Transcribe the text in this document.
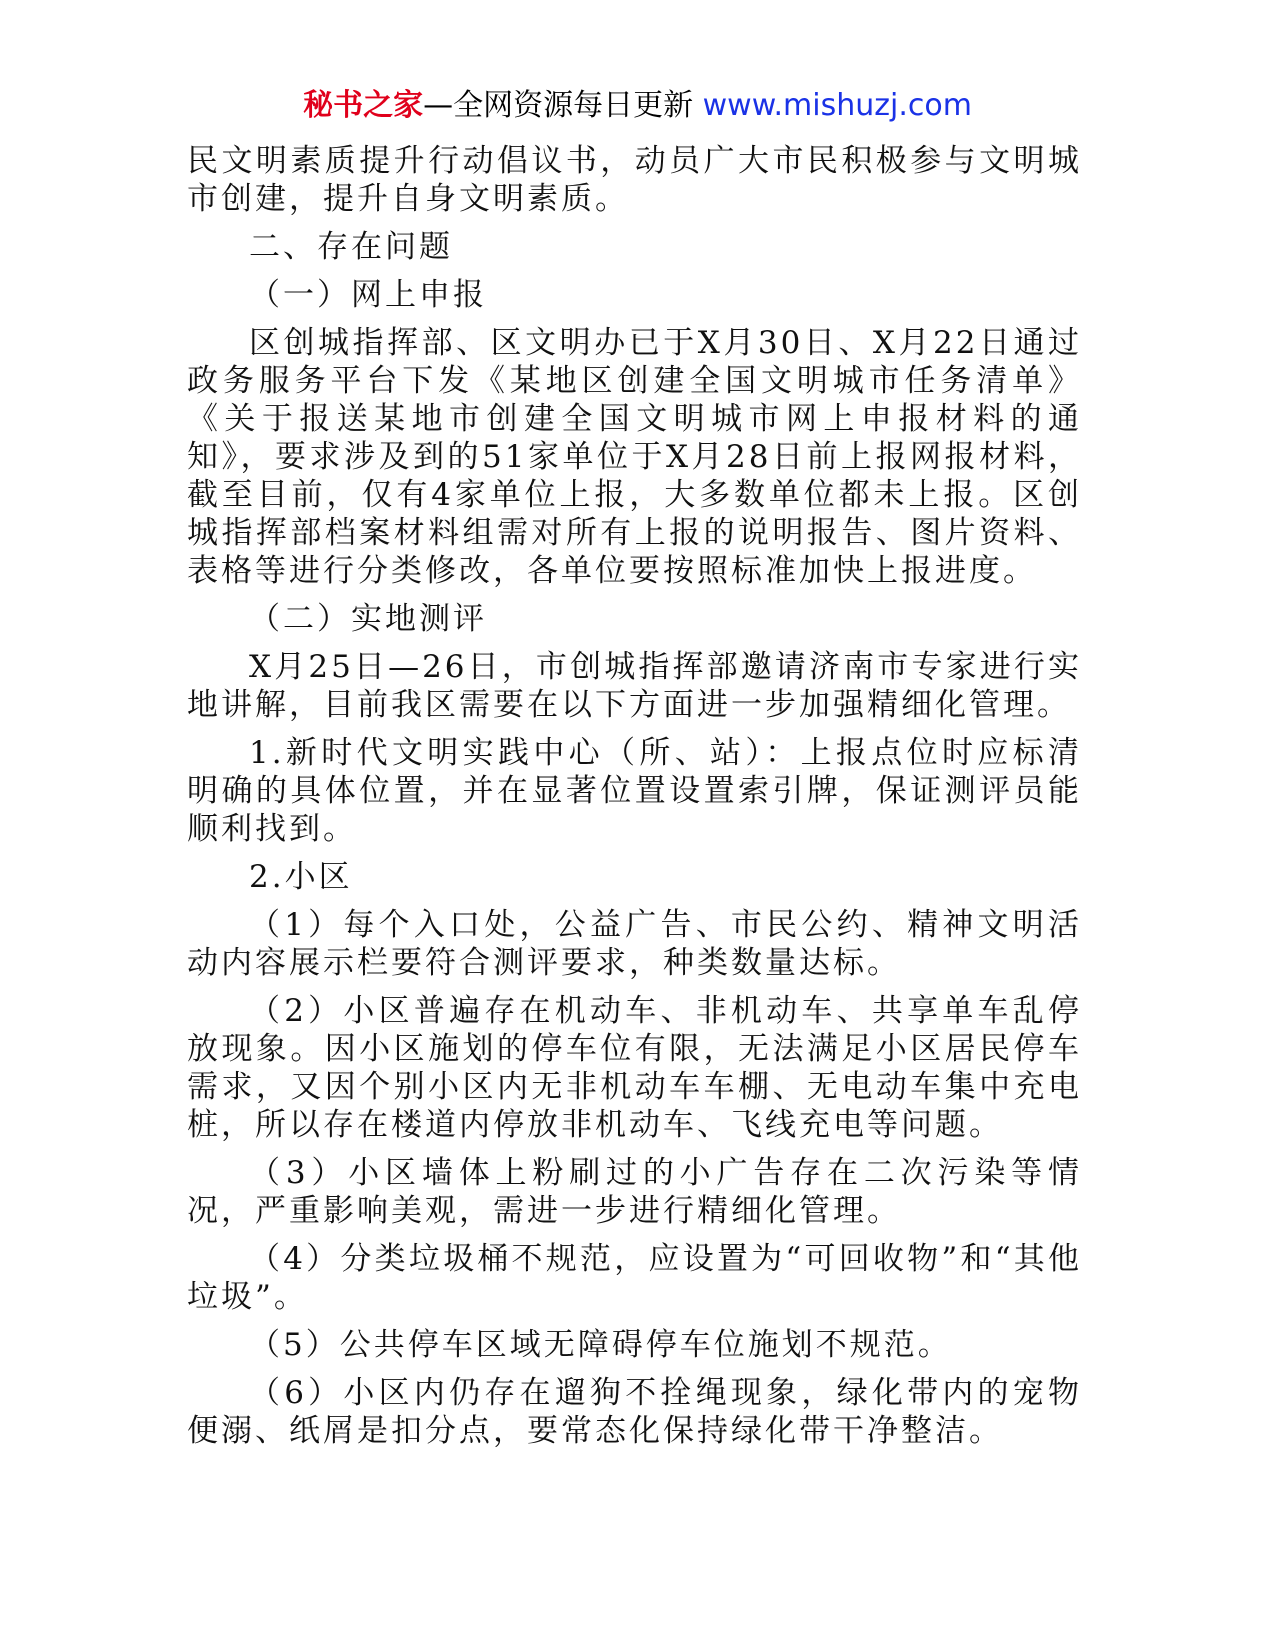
秘书之家—全网资源每日更新 www.mishuzj.com

民文明素质提升行动倡议书，动员广大市民积极参与文明城市创建，提升自身文明素质。

二、存在问题

（一）网上申报

区创城指挥部、区文明办已于X月30日、X月22日通过政务服务平台下发《某地区创建全国文明城市任务清单》《关于报送某地市创建全国文明城市网上申报材料的通知》，要求涉及到的51家单位于X月28日前上报网报材料，截至目前，仅有4家单位上报，大多数单位都未上报。区创城指挥部档案材料组需对所有上报的说明报告、图片资料、表格等进行分类修改，各单位要按照标准加快上报进度。

（二）实地测评

X月25日—26日，市创城指挥部邀请济南市专家进行实地讲解，目前我区需要在以下方面进一步加强精细化管理。

1.新时代文明实践中心（所、站）：上报点位时应标清明确的具体位置，并在显著位置设置索引牌，保证测评员能顺利找到。

2.小区

（1）每个入口处，公益广告、市民公约、精神文明活动内容展示栏要符合测评要求，种类数量达标。

（2）小区普遍存在机动车、非机动车、共享单车乱停放现象。因小区施划的停车位有限，无法满足小区居民停车需求，又因个别小区内无非机动车车棚、无电动车集中充电桩，所以存在楼道内停放非机动车、飞线充电等问题。

（3）小区墙体上粉刷过的小广告存在二次污染等情况，严重影响美观，需进一步进行精细化管理。

（4）分类垃圾桶不规范，应设置为“可回收物”和“其他垃圾”。

（5）公共停车区域无障碍停车位施划不规范。

（6）小区内仍存在遛狗不拴绳现象，绿化带内的宠物便溺、纸屑是扣分点，要常态化保持绿化带干净整洁。
